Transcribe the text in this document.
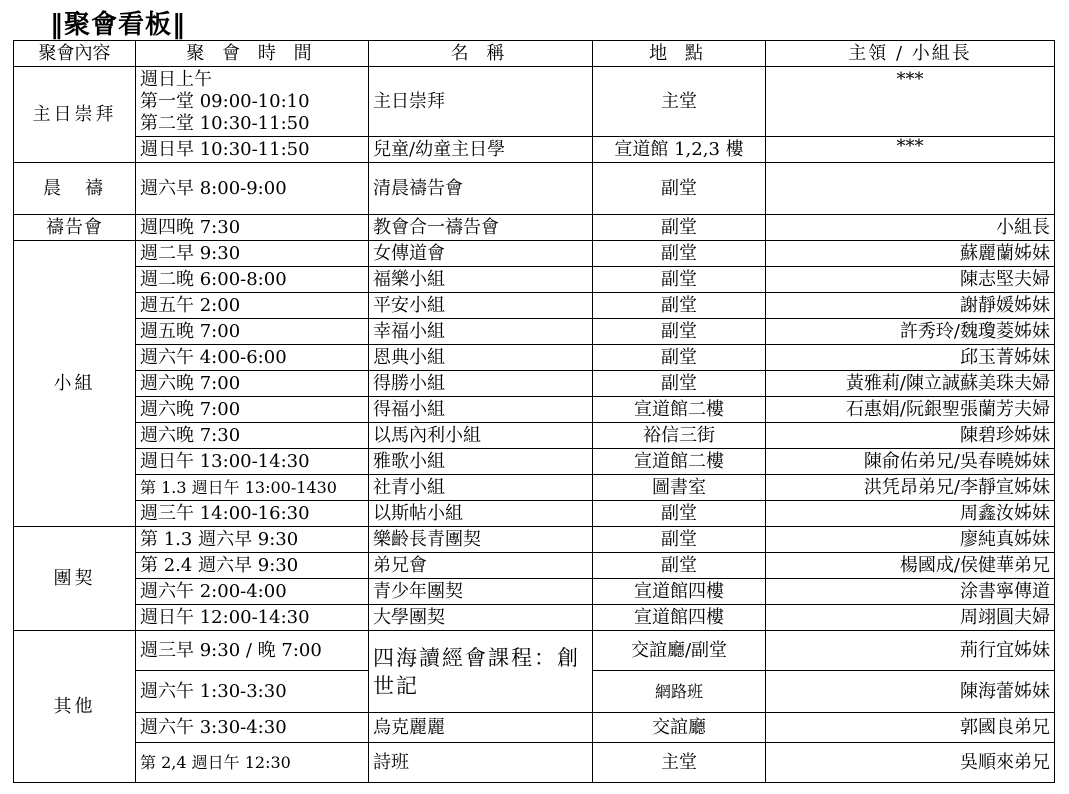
‖聚會看板‖
聚會內容	聚 會 時 間	名 稱	地 點	主領 / 小組長
主日崇拜	週日上午
第一堂 09:00-10:10
第二堂 10:30-11:50	主日崇拜	主堂	***
	週日早 10:30-11:50	兒童/幼童主日學	宣道館 1,2,3 樓	***
晨　禱	週六早 8:00-9:00	清晨禱告會	副堂	
禱告會	週四晚 7:30	教會合一禱告會	副堂	小組長
小組	週二早 9:30	女傳道會	副堂	蘇麗蘭姊妹
	週二晚 6:00-8:00	福樂小組	副堂	陳志堅夫婦
	週五午 2:00	平安小組	副堂	謝靜媛姊妹
	週五晚 7:00	幸福小組	副堂	許秀玲/魏瓊菱姊妹
	週六午 4:00-6:00	恩典小組	副堂	邱玉菁姊妹
	週六晚 7:00	得勝小組	副堂	黃雅莉/陳立誠蘇美珠夫婦
	週六晚 7:00	得福小組	宣道館二樓	石惠娟/阮銀聖張蘭芳夫婦
	週六晚 7:30	以馬內利小組	裕信三街	陳碧珍姊妹
	週日午 13:00-14:30	雅歌小組	宣道館二樓	陳俞佑弟兄/吳春曉姊妹
	第 1.3 週日午 13:00-1430	社青小組	圖書室	洪凭昂弟兄/李靜宣姊妹
	週三午 14:00-16:30	以斯帖小組	副堂	周鑫汝姊妹
團契	第 1.3 週六早 9:30	樂齡長青團契	副堂	廖純真姊妹
	第 2.4 週六早 9:30	弟兄會	副堂	楊國成/侯健華弟兄
	週六午 2:00-4:00	青少年團契	宣道館四樓	涂書寧傳道
	週日午 12:00-14:30	大學團契	宣道館四樓	周翊圓夫婦
其他	週三早 9:30 / 晚 7:00	四海讀經會課程：創世記	交誼廳/副堂	荊行宜姊妹
	週六午 1:30-3:30		網路班	陳海蕾姊妹
	週六午 3:30-4:30	烏克麗麗	交誼廳	郭國良弟兄
	第 2,4 週日午 12:30	詩班	主堂	吳順來弟兄
